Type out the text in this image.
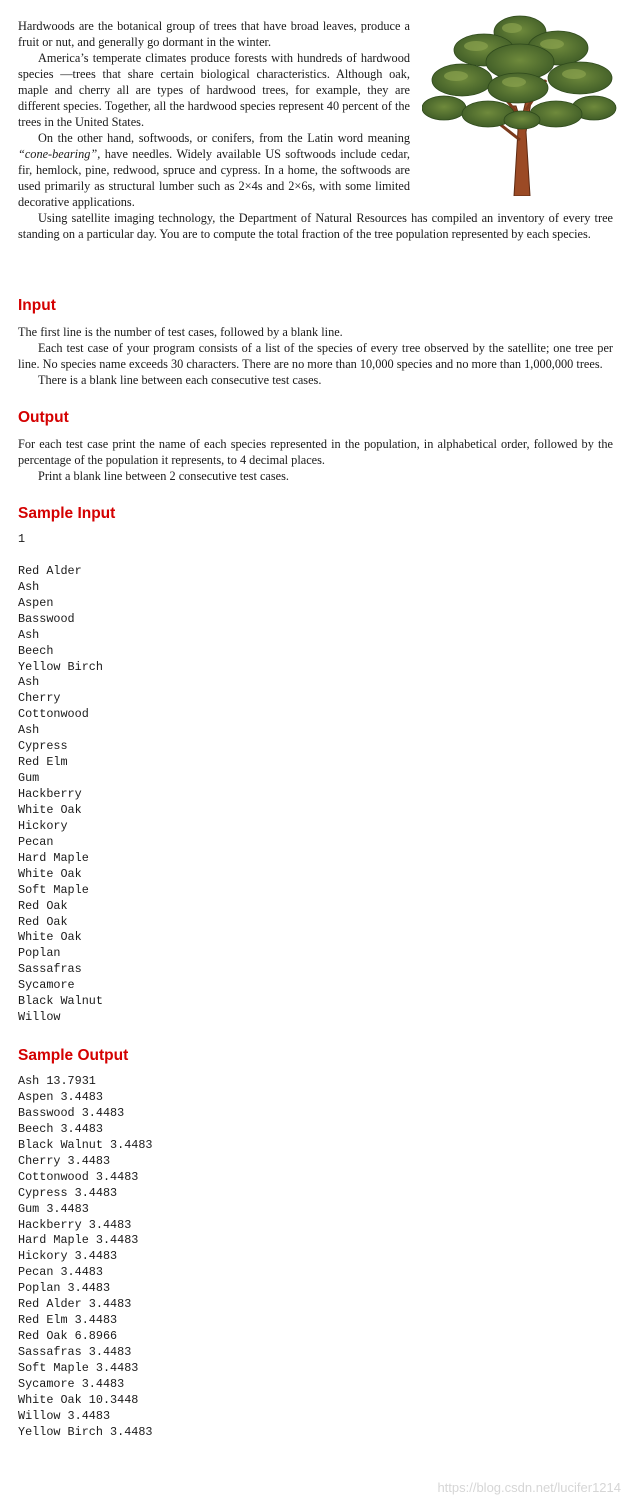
Hardwoods are the botanical group of trees that have broad leaves, produce a fruit or nut, and generally go dormant in the winter.

America’s temperate climates produce forests with hundreds of hardwood species —trees that share certain biological characteristics. Although oak, maple and cherry all are types of hardwood trees, for example, they are different species. Together, all the hardwood species represent 40 percent of the trees in the United States.

On the other hand, softwoods, or conifers, from the Latin word meaning “cone-bearing”, have needles. Widely available US softwoods include cedar, fir, hemlock, pine, redwood, spruce and cypress. In a home, the softwoods are used primarily as structural lumber such as 2×4s and 2×6s, with some limited decorative applications.

Using satellite imaging technology, the Department of Natural Resources has compiled an inventory of every tree standing on a particular day. You are to compute the total fraction of the tree population represented by each species.

Input

The first line is the number of test cases, followed by a blank line.

Each test case of your program consists of a list of the species of every tree observed by the satellite; one tree per line. No species name exceeds 30 characters. There are no more than 10,000 species and no more than 1,000,000 trees.

There is a blank line between each consecutive test cases.

Output

For each test case print the name of each species represented in the population, in alphabetical order, followed by the percentage of the population it represents, to 4 decimal places.

Print a blank line between 2 consecutive test cases.

Sample Input
1

Red Alder
Ash
Aspen
Basswood
Ash
Beech
Yellow Birch
Ash
Cherry
Cottonwood
Ash
Cypress
Red Elm
Gum
Hackberry
White Oak
Hickory
Pecan
Hard Maple
White Oak
Soft Maple
Red Oak
Red Oak
White Oak
Poplan
Sassafras
Sycamore
Black Walnut
Willow
Sample Output
Ash 13.7931
Aspen 3.4483
Basswood 3.4483
Beech 3.4483
Black Walnut 3.4483
Cherry 3.4483
Cottonwood 3.4483
Cypress 3.4483
Gum 3.4483
Hackberry 3.4483
Hard Maple 3.4483
Hickory 3.4483
Pecan 3.4483
Poplan 3.4483
Red Alder 3.4483
Red Elm 3.4483
Red Oak 6.8966
Sassafras 3.4483
Soft Maple 3.4483
Sycamore 3.4483
White Oak 10.3448
Willow 3.4483
Yellow Birch 3.4483
https://blog.csdn.net/lucifer1214
